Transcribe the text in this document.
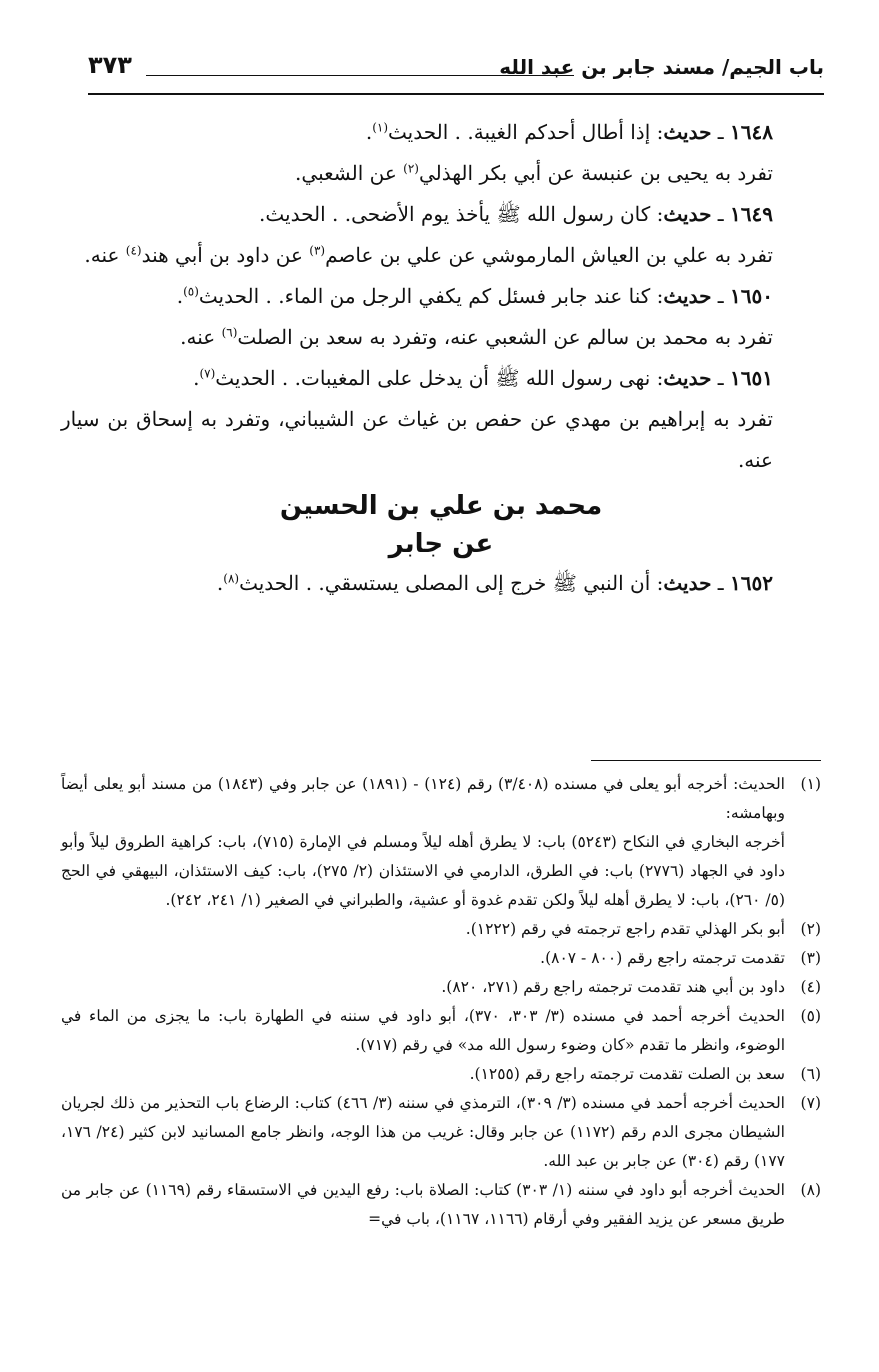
باب الجيم/ مسند جابر بن عبد الله
٣٧٣

١٦٤٨ ـ حديث: إذا أطال أحدكم الغيبة. . الحديث$^{(١)}$.

تفرد به يحيى بن عنبسة عن أبي بكر الهذلي$^{(٢)}$ عن الشعبي.

١٦٤٩ ـ حديث: كان رسول الله ﷺ يأخذ يوم الأضحى. . الحديث.

تفرد به علي بن العياش المارموشي عن علي بن عاصم$^{(٣)}$ عن داود بن أبي هند$^{(٤)}$ عنه.

١٦٥٠ ـ حديث: كنا عند جابر فسئل كم يكفي الرجل من الماء. . الحديث$^{(٥)}$.

تفرد به محمد بن سالم عن الشعبي عنه، وتفرد به سعد بن الصلت$^{(٦)}$ عنه.

١٦٥١ ـ حديث: نهى رسول الله ﷺ أن يدخل على المغيبات. . الحديث$^{(٧)}$.

تفرد به إبراهيم بن مهدي عن حفص بن غياث عن الشيباني، وتفرد به إسحاق بن سيار عنه.

محمد بن علي بن الحسين
عن جابر

١٦٥٢ ـ حديث: أن النبي ﷺ خرج إلى المصلى يستسقي. . الحديث$^{(٨)}$.

(١)
الحديث: أخرجه أبو يعلى في مسنده (٣/٤٠٨) رقم (١٢٤) - (١٨٩١) عن جابر وفي (١٨٤٣) من مسند أبو يعلى أيضاً وبهامشه:
أخرجه البخاري في النكاح (٥٢٤٣) باب: لا يطرق أهله ليلاً ومسلم في الإمارة (٧١٥)، باب: كراهية الطروق ليلاً وأبو داود في الجهاد (٢٧٧٦) باب: في الطرق، الدارمي في الاستئذان (٢/ ٢٧٥)، باب: كيف الاستئذان، البيهقي في الحج (٥/ ٢٦٠)، باب: لا يطرق أهله ليلاً ولكن تقدم غدوة أو عشية، والطبراني في الصغير (١/ ٢٤١، ٢٤٢).
(٢)
أبو بكر الهذلي تقدم راجع ترجمته في رقم (١٢٢٢).
(٣)
تقدمت ترجمته راجع رقم (٨٠٠ - ٨٠٧).
(٤)
داود بن أبي هند تقدمت ترجمته راجع رقم (٢٧١، ٨٢٠).
(٥)
الحديث أخرجه أحمد في مسنده (٣/ ٣٠٣، ٣٧٠)، أبو داود في سننه في الطهارة باب: ما يجزى من الماء في الوضوء، وانظر ما تقدم «كان وضوء رسول الله مد» في رقم (٧١٧).
(٦)
سعد بن الصلت تقدمت ترجمته راجع رقم (١٢٥٥).
(٧)
الحديث أخرجه أحمد في مسنده (٣/ ٣٠٩)، الترمذي في سننه (٣/ ٤٦٦) كتاب: الرضاع باب التحذير من ذلك لجريان الشيطان مجرى الدم رقم (١١٧٢) عن جابر وقال: غريب من هذا الوجه، وانظر جامع المسانيد لابن كثير (٢٤/ ١٧٦، ١٧٧) رقم (٣٠٤) عن جابر بن عبد الله.
(٨)
الحديث أخرجه أبو داود في سننه (١/ ٣٠٣) كتاب: الصلاة باب: رفع اليدين في الاستسقاء رقم (١١٦٩) عن جابر من طريق مسعر عن يزيد الفقير وفي أرقام (١١٦٦، ١١٦٧)، باب في=
